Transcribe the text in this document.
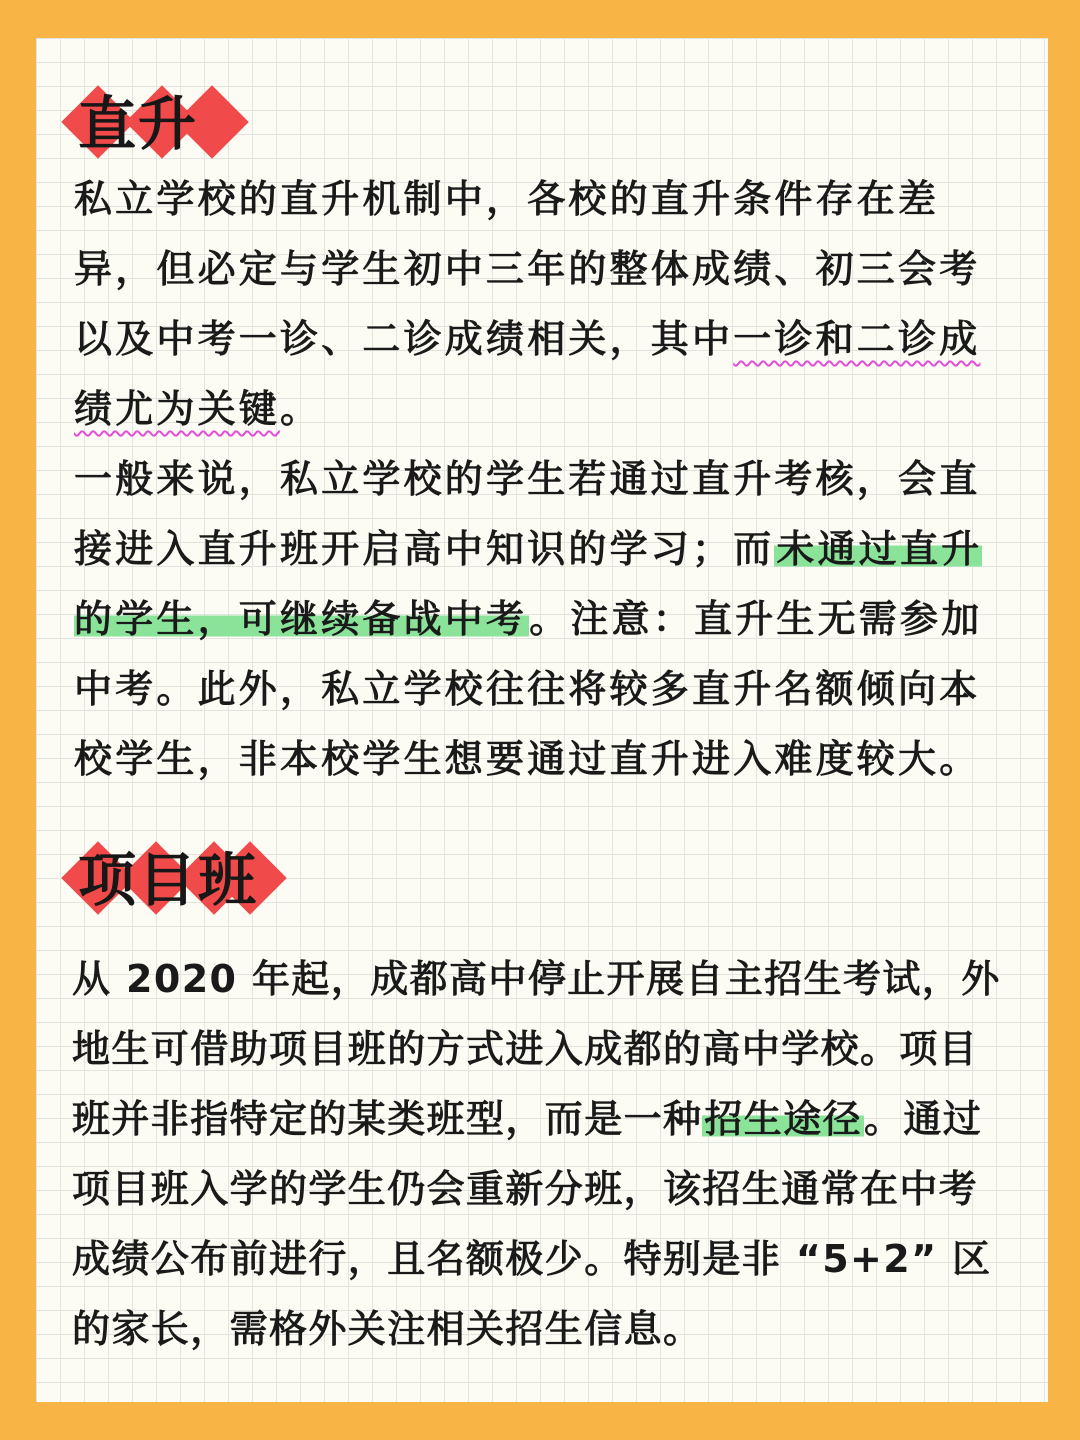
直升

私立学校的直升机制中，各校的直升条件存在差异，但必定与学生初中三年的整体成绩、初三会考以及中考一诊、二诊成绩相关，其中一诊和二诊成绩尤为关键。

一般来说，私立学校的学生若通过直升考核，会直接进入直升班开启高中知识的学习；而未通过直升的学生，可继续备战中考。注意：直升生无需参加中考。此外，私立学校往往将较多直升名额倾向本校学生，非本校学生想要通过直升进入难度较大。

项目班

从 2020 年起，成都高中停止开展自主招生考试，外地生可借助项目班的方式进入成都的高中学校。项目班并非指特定的某类班型，而是一种招生途径。通过项目班入学的学生仍会重新分班，该招生通常在中考成绩公布前进行，且名额极少。特别是非 “5+2” 区的家长，需格外关注相关招生信息。
